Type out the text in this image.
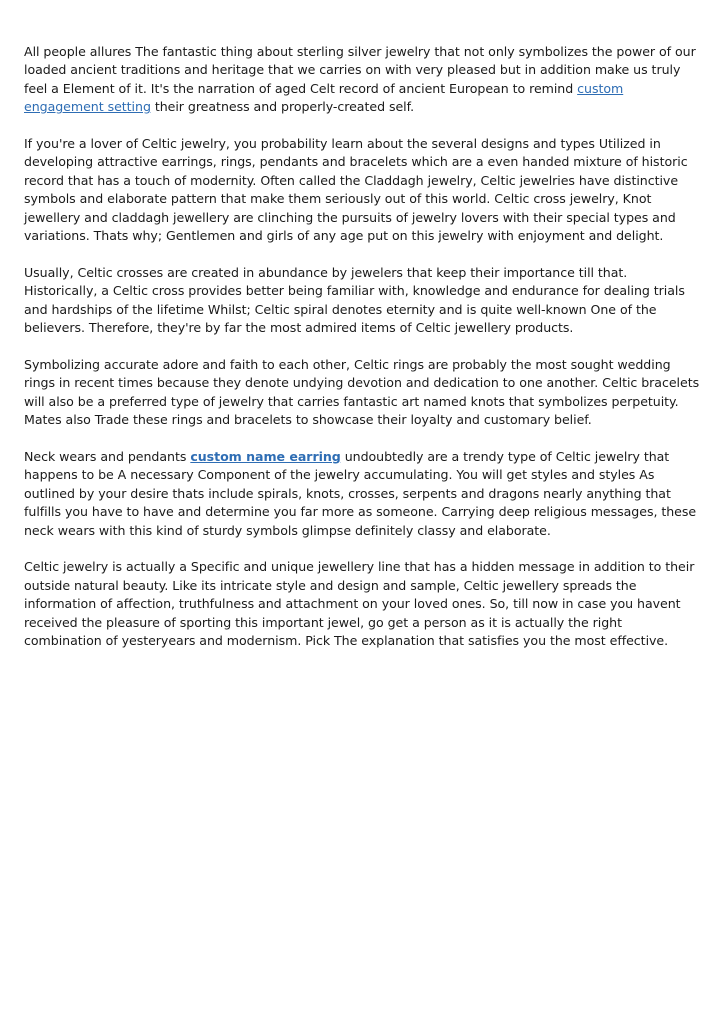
All people allures The fantastic thing about sterling silver jewelry that not only symbolizes the power of our loaded ancient traditions and heritage that we carries on with very pleased but in addition make us truly feel a Element of it. It's the narration of aged Celt record of ancient European to remind custom engagement setting their greatness and properly-created self.

If you're a lover of Celtic jewelry, you probability learn about the several designs and types Utilized in developing attractive earrings, rings, pendants and bracelets which are a even handed mixture of historic record that has a touch of modernity. Often called the Claddagh jewelry, Celtic jewelries have distinctive symbols and elaborate pattern that make them seriously out of this world. Celtic cross jewelry, Knot jewellery and claddagh jewellery are clinching the pursuits of jewelry lovers with their special types and variations. Thats why; Gentlemen and girls of any age put on this jewelry with enjoyment and delight.

Usually, Celtic crosses are created in abundance by jewelers that keep their importance till that. Historically, a Celtic cross provides better being familiar with, knowledge and endurance for dealing trials and hardships of the lifetime Whilst; Celtic spiral denotes eternity and is quite well-known One of the believers. Therefore, they're by far the most admired items of Celtic jewellery products.

Symbolizing accurate adore and faith to each other, Celtic rings are probably the most sought wedding rings in recent times because they denote undying devotion and dedication to one another. Celtic bracelets will also be a preferred type of jewelry that carries fantastic art named knots that symbolizes perpetuity. Mates also Trade these rings and bracelets to showcase their loyalty and customary belief.

Neck wears and pendants custom name earring undoubtedly are a trendy type of Celtic jewelry that happens to be A necessary Component of the jewelry accumulating. You will get styles and styles As outlined by your desire thats include spirals, knots, crosses, serpents and dragons nearly anything that fulfills you have to have and determine you far more as someone. Carrying deep religious messages, these neck wears with this kind of sturdy symbols glimpse definitely classy and elaborate.

Celtic jewelry is actually a Specific and unique jewellery line that has a hidden message in addition to their outside natural beauty. Like its intricate style and design and sample, Celtic jewellery spreads the information of affection, truthfulness and attachment on your loved ones. So, till now in case you havent received the pleasure of sporting this important jewel, go get a person as it is actually the right combination of yesteryears and modernism. Pick The explanation that satisfies you the most effective.
